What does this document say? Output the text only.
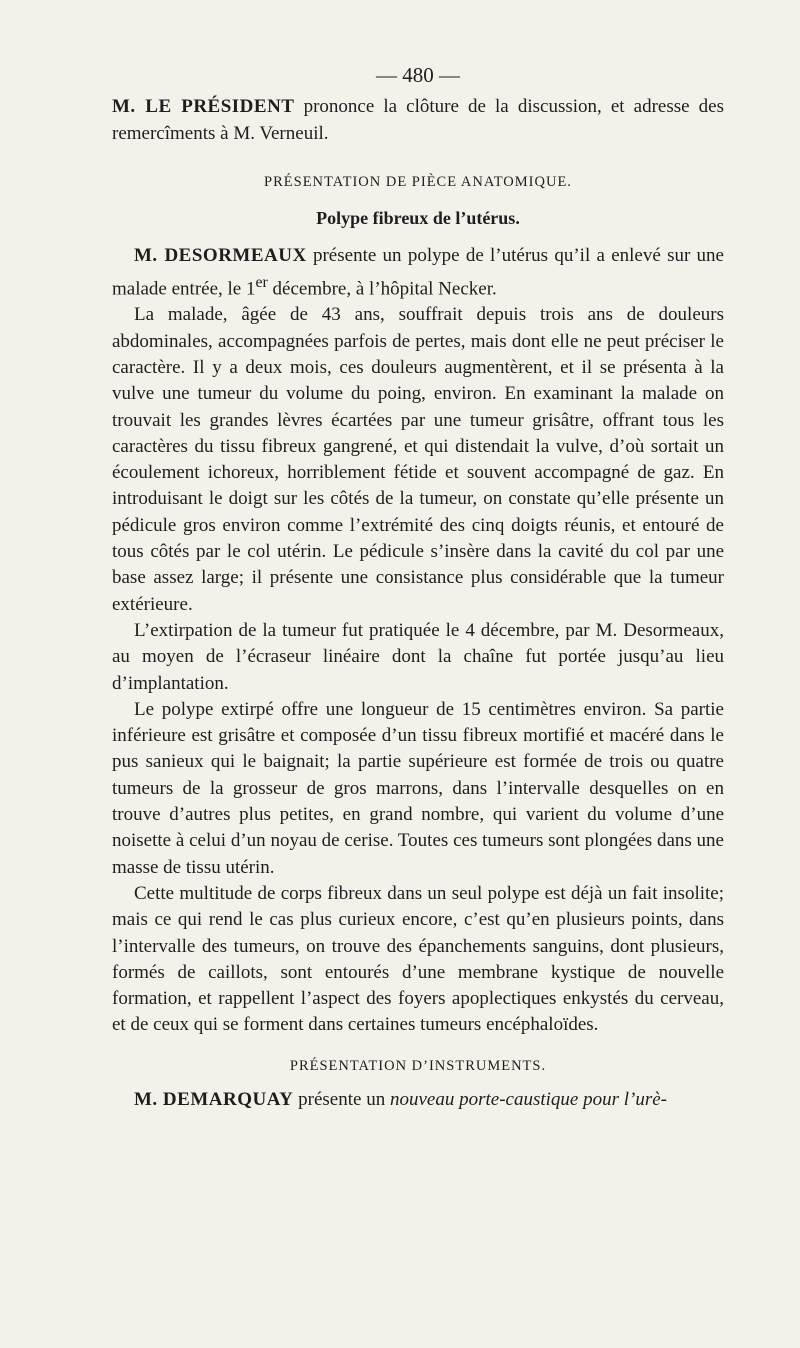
— 480 —

M. LE PRÉSIDENT prononce la clôture de la discussion, et adresse des remercîments à M. Verneuil.

PRÉSENTATION DE PIÈCE ANATOMIQUE.
Polype fibreux de l’utérus.

M. DESORMEAUX présente un polype de l’utérus qu’il a enlevé sur une malade entrée, le 1er décembre, à l’hôpital Necker.

La malade, âgée de 43 ans, souffrait depuis trois ans de douleurs abdominales, accompagnées parfois de pertes, mais dont elle ne peut préciser le caractère. Il y a deux mois, ces douleurs augmentèrent, et il se présenta à la vulve une tumeur du volume du poing, environ. En examinant la malade on trouvait les grandes lèvres écartées par une tumeur grisâtre, offrant tous les caractères du tissu fibreux gangrené, et qui distendait la vulve, d’où sortait un écoulement ichoreux, horriblement fétide et souvent accompagné de gaz. En introduisant le doigt sur les côtés de la tumeur, on constate qu’elle présente un pédicule gros environ comme l’extrémité des cinq doigts réunis, et entouré de tous côtés par le col utérin. Le pédicule s’insère dans la cavité du col par une base assez large; il présente une consistance plus considérable que la tumeur extérieure.

L’extirpation de la tumeur fut pratiquée le 4 décembre, par M. Desormeaux, au moyen de l’écraseur linéaire dont la chaîne fut portée jusqu’au lieu d’implantation.

Le polype extirpé offre une longueur de 15 centimètres environ. Sa partie inférieure est grisâtre et composée d’un tissu fibreux mortifié et macéré dans le pus sanieux qui le baignait; la partie supérieure est formée de trois ou quatre tumeurs de la grosseur de gros marrons, dans l’intervalle desquelles on en trouve d’autres plus petites, en grand nombre, qui varient du volume d’une noisette à celui d’un noyau de cerise. Toutes ces tumeurs sont plongées dans une masse de tissu utérin.

Cette multitude de corps fibreux dans un seul polype est déjà un fait insolite; mais ce qui rend le cas plus curieux encore, c’est qu’en plusieurs points, dans l’intervalle des tumeurs, on trouve des épanchements sanguins, dont plusieurs, formés de caillots, sont entourés d’une membrane kystique de nouvelle formation, et rappellent l’aspect des foyers apoplectiques enkystés du cerveau, et de ceux qui se forment dans certaines tumeurs encéphaloïdes.

PRÉSENTATION D’INSTRUMENTS.

M. DEMARQUAY présente un nouveau porte-caustique pour l’urè-
